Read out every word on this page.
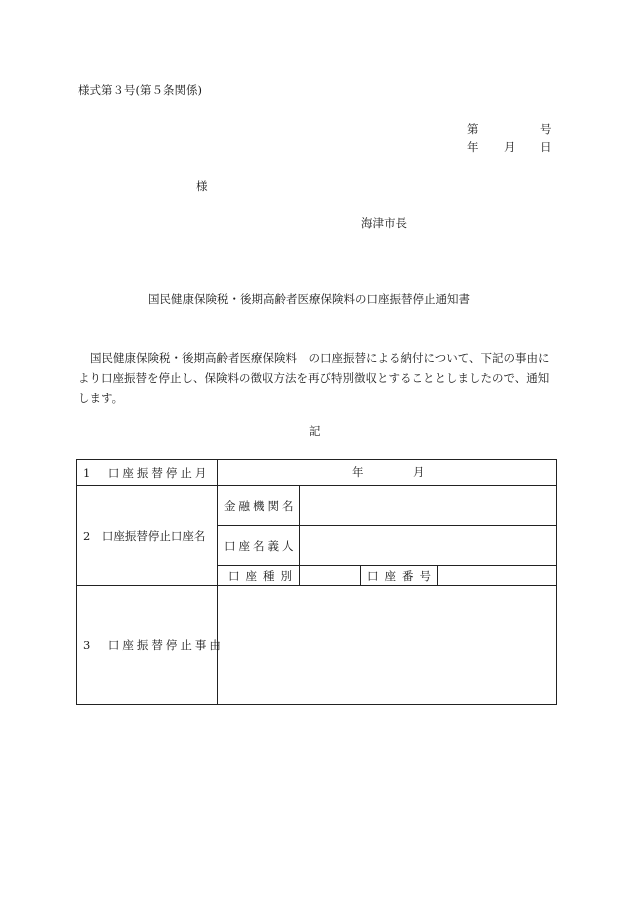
様式第３号(第５条関係)
第	号
年 月 日
様
海津市長
国民健康保険税・後期高齢者医療保険料の口座振替停止通知書
国民健康保険税・後期高齢者医療保険料　の口座振替による納付について、下記の事由により口座振替を停止し、保険料の徴収方法を再び特別徴収とすることとしましたので、通知します。
記
1　口座振替停止月	年 月			

2　口座振替停止口座名	金融機関名			
	口座名義人			
	口座種別		口座番号	
3　口座振替停止事由				
